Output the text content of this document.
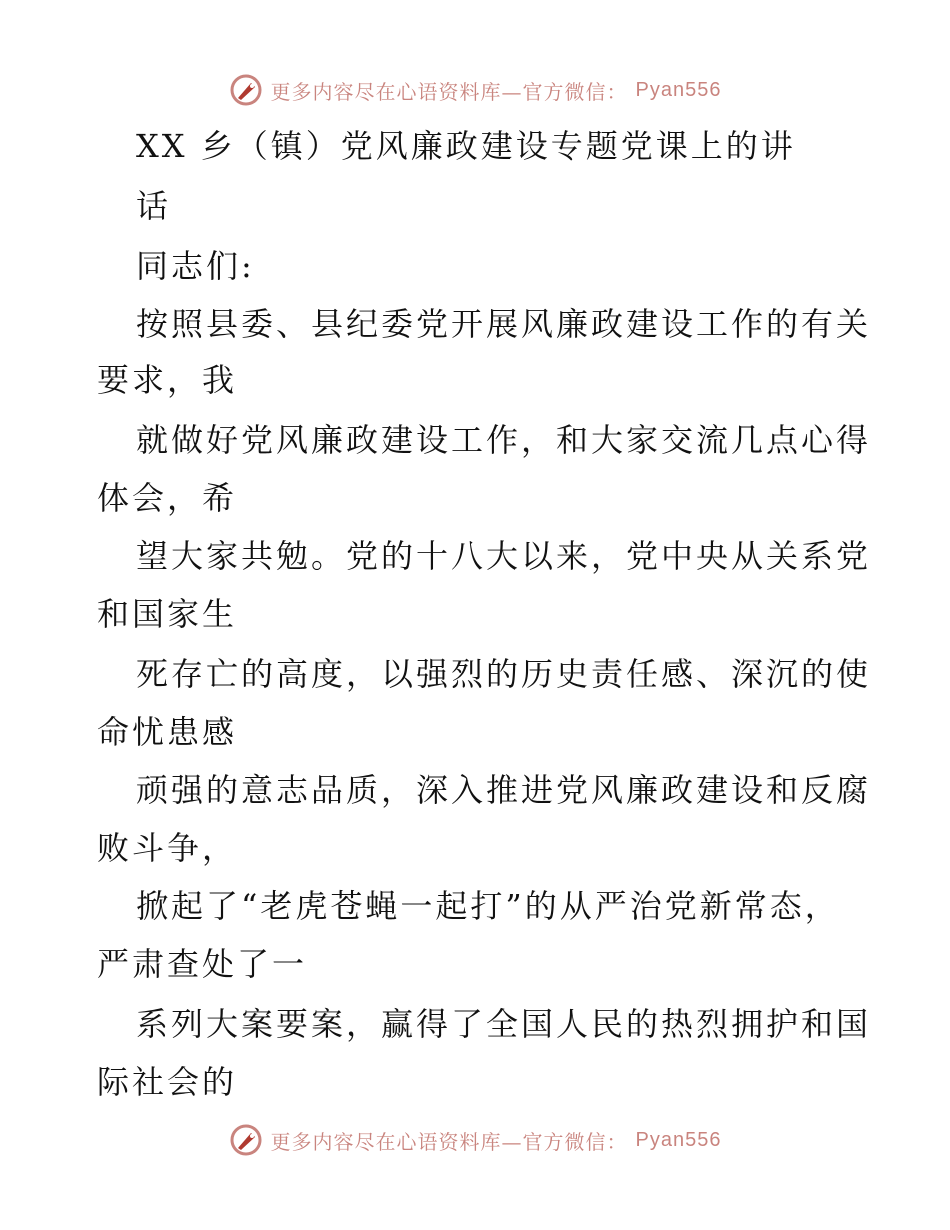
更多内容尽在心语资料库—官方微信： Pyan556
XX 乡（镇）党风廉政建设专题党课上的讲
话
同志们:
按照县委、县纪委党开展风廉政建设工作的有关
要求，我
就做好党风廉政建设工作，和大家交流几点心得
体会，希
望大家共勉。党的十八大以来，党中央从关系党
和国家生
死存亡的高度，以强烈的历史责任感、深沉的使
命忧患感
顽强的意志品质，深入推进党风廉政建设和反腐
败斗争，
掀起了“老虎苍蝇一起打”的从严治党新常态，
严肃查处了一
系列大案要案，赢得了全国人民的热烈拥护和国
际社会的
更多内容尽在心语资料库—官方微信： Pyan556
